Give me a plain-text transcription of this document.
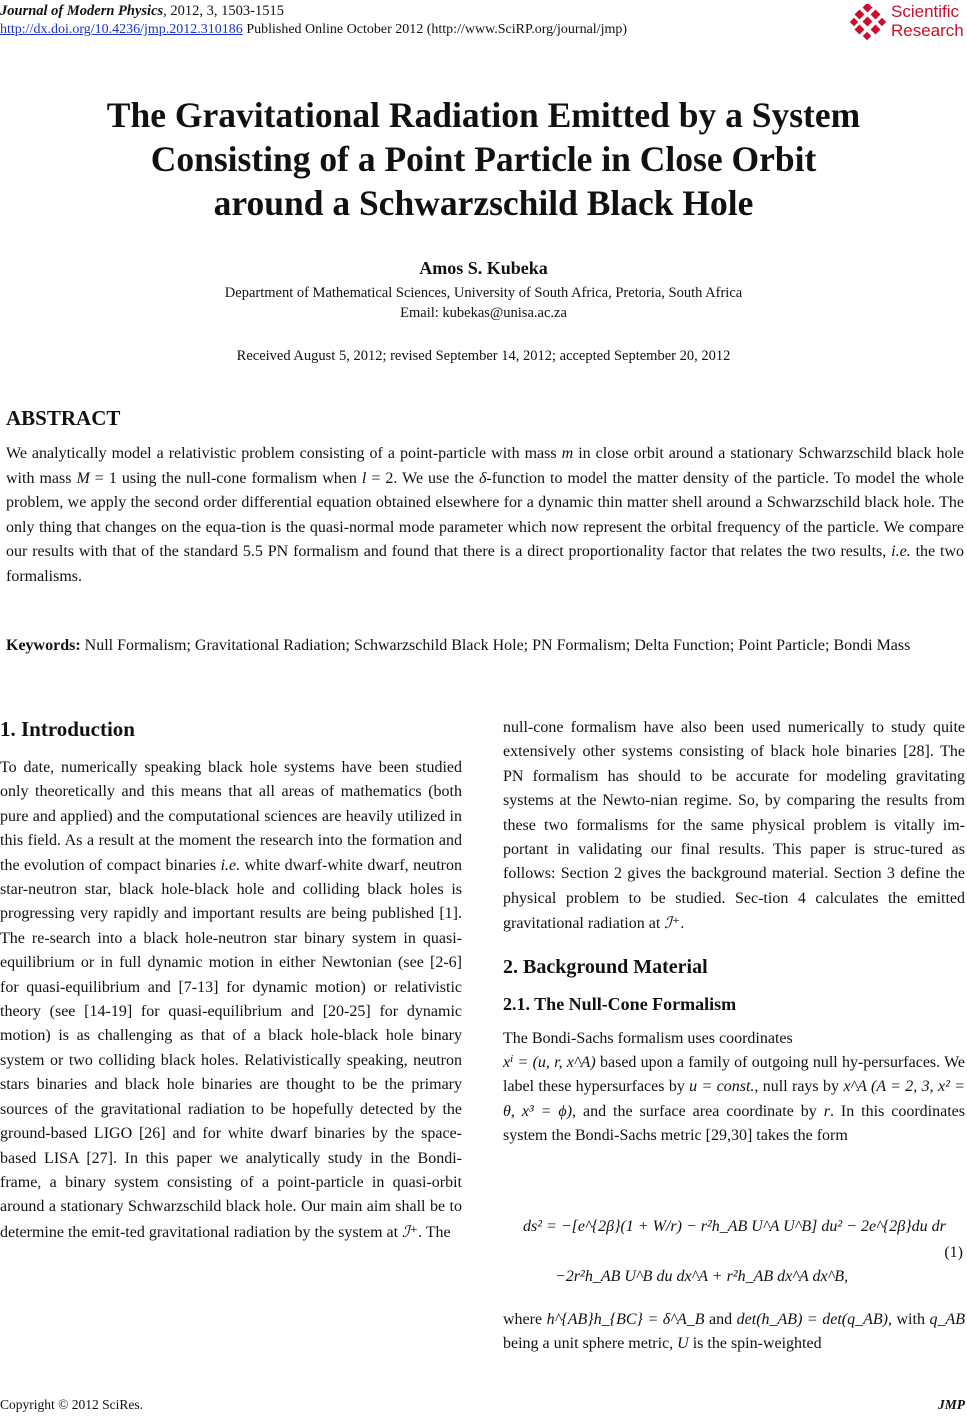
Journal of Modern Physics, 2012, 3, 1503-1515
http://dx.doi.org/10.4236/jmp.2012.310186 Published Online October 2012 (http://www.SciRP.org/journal/jmp)
Scientific
Research
The Gravitational Radiation Emitted by a System
Consisting of a Point Particle in Close Orbit
around a Schwarzschild Black Hole
Amos S. Kubeka
Department of Mathematical Sciences, University of South Africa, Pretoria, South Africa
Email: kubekas@unisa.ac.za
Received August 5, 2012; revised September 14, 2012; accepted September 20, 2012
ABSTRACT
We analytically model a relativistic problem consisting of a point-particle with mass m in close orbit around a stationary Schwarzschild black hole with mass M = 1 using the null-cone formalism when l = 2. We use the δ-function to model the matter density of the particle. To model the whole problem, we apply the second order differential equation obtained elsewhere for a dynamic thin matter shell around a Schwarzschild black hole. The only thing that changes on the equa-tion is the quasi-normal mode parameter which now represent the orbital frequency of the particle. We compare our results with that of the standard 5.5 PN formalism and found that there is a direct proportionality factor that relates the two results, i.e. the two formalisms.
Keywords: Null Formalism; Gravitational Radiation; Schwarzschild Black Hole; PN Formalism; Delta Function; Point Particle; Bondi Mass
1. Introduction

To date, numerically speaking black hole systems have been studied only theoretically and this means that all areas of mathematics (both pure and applied) and the computational sciences are heavily utilized in this field. As a result at the moment the research into the formation and the evolution of compact binaries i.e. white dwarf-white dwarf, neutron star-neutron star, black hole-black hole and colliding black holes is progressing very rapidly and important results are being published [1]. The re-search into a black hole-neutron star binary system in quasi-equilibrium or in full dynamic motion in either Newtonian (see [2-6] for quasi-equilibrium and [7-13] for dynamic motion) or relativistic theory (see [14-19] for quasi-equilibrium and [20-25] for dynamic motion) is as challenging as that of a black hole-black hole binary system or two colliding black holes. Relativistically speaking, neutron stars binaries and black hole binaries are thought to be the primary sources of the gravitational radiation to be hopefully detected by the ground-based LIGO [26] and for white dwarf binaries by the space-based LISA [27]. In this paper we analytically study in the Bondi-frame, a binary system consisting of a point-particle in quasi-orbit around a stationary Schwarzschild black hole. Our main aim shall be to determine the emit-ted gravitational radiation by the system at ℐ⁺. The

null-cone formalism have also been used numerically to study quite extensively other systems consisting of black hole binaries [28]. The PN formalism has should to be accurate for modeling gravitating systems at the Newto-nian regime. So, by comparing the results from these two formalisms for the same physical problem is vitally im-portant in validating our final results. This paper is struc-tured as follows: Section 2 gives the background material. Section 3 define the physical problem to be studied. Sec-tion 4 calculates the emitted gravitational radiation at ℐ⁺.

2. Background Material
2.1. The Null-Cone Formalism

The Bondi-Sachs formalism uses coordinates
xⁱ = (u, r, x^A) based upon a family of outgoing null hy-persurfaces. We label these hypersurfaces by u = const., null rays by x^A (A = 2, 3, x² = θ, x³ = ϕ), and the surface area coordinate by r. In this coordinates system the Bondi-Sachs metric [29,30] takes the form

ds² = −[e^{2β}(1 + W/r) − r²h_AB U^A U^B] du² − 2e^{2β}du dr
−2r²h_AB U^B du dx^A + r²h_AB dx^A dx^B,
(1)

where h^{AB}h_{BC} = δ^A_B and det(h_AB) = det(q_AB), with q_AB being a unit sphere metric, U is the spin-weighted

Copyright © 2012 SciRes.	JMP
